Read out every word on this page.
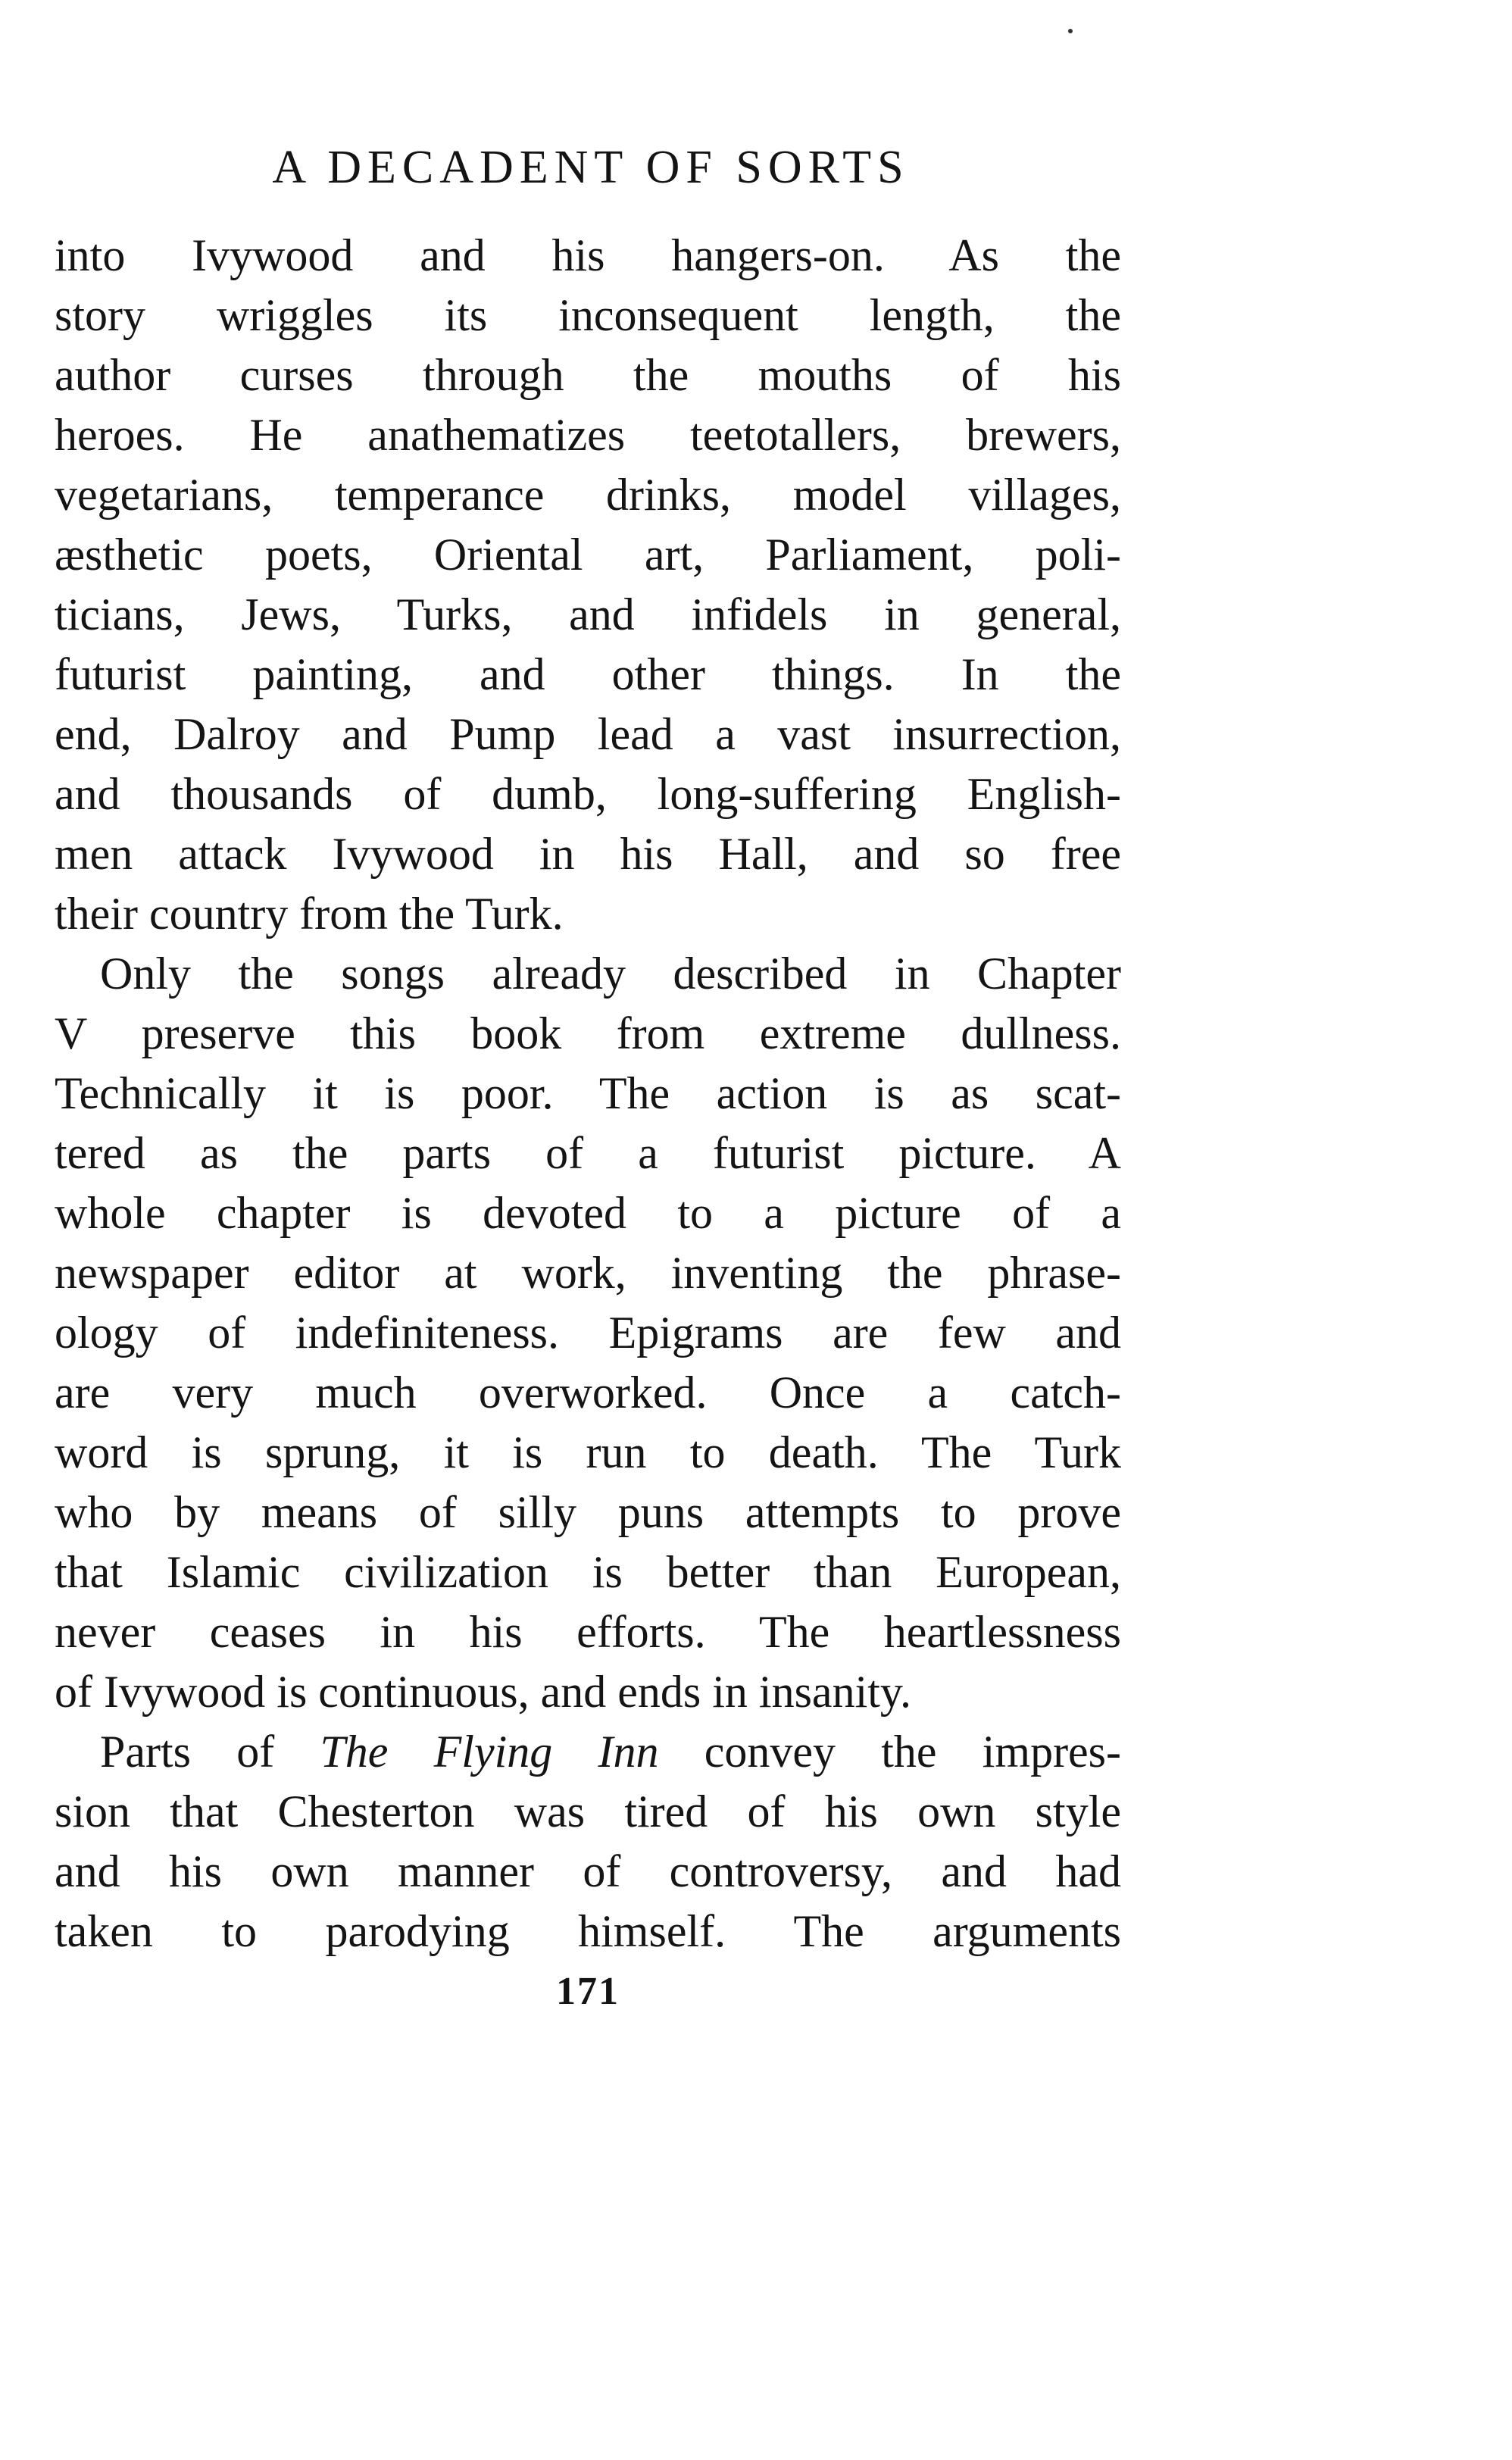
A DECADENT OF SORTS

into Ivywood and his hangers-on. As the
story wriggles its inconsequent length, the
author curses through the mouths of his
heroes. He anathematizes teetotallers, brewers,
vegetarians, temperance drinks, model villages,
æsthetic poets, Oriental art, Parliament, poli-
ticians, Jews, Turks, and infidels in general,
futurist painting, and other things. In the
end, Dalroy and Pump lead a vast insurrection,
and thousands of dumb, long-suffering English-
men attack Ivywood in his Hall, and so free
their country from the Turk.

Only the songs already described in Chapter
V preserve this book from extreme dullness.
Technically it is poor. The action is as scat-
tered as the parts of a futurist picture. A
whole chapter is devoted to a picture of a
newspaper editor at work, inventing the phrase-
ology of indefiniteness. Epigrams are few and
are very much overworked. Once a catch-
word is sprung, it is run to death. The Turk
who by means of silly puns attempts to prove
that Islamic civilization is better than European,
never ceases in his efforts. The heartlessness
of Ivywood is continuous, and ends in insanity.

Parts of The Flying Inn convey the impres-
sion that Chesterton was tired of his own style
and his own manner of controversy, and had
taken to parodying himself. The arguments

171
